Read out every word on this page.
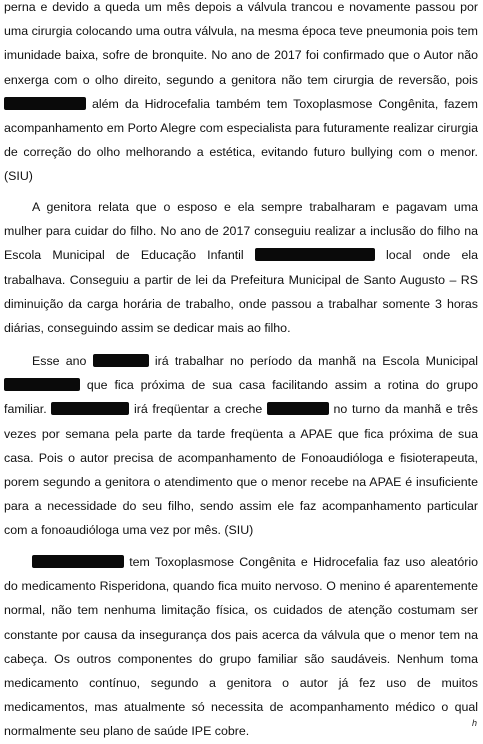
perna e devido a queda um mês depois a válvula trancou e novamente passou por uma cirurgia colocando uma outra válvula, na mesma época teve pneumonia pois tem imunidade baixa, sofre de bronquite. No ano de 2017 foi confirmado que o Autor não enxerga com o olho direito, segundo a genitora não tem cirurgia de reversão, pois  além da Hidrocefalia também tem Toxoplasmose Congênita, fazem acompanhamento em Porto Alegre com especialista para futuramente realizar cirurgia de correção do olho melhorando a estética, evitando futuro bullying com o menor. (SIU)

A genitora relata que o esposo e ela sempre trabalharam e pagavam uma mulher para cuidar do filho. No ano de 2017 conseguiu realizar a inclusão do filho na Escola Municipal de Educação Infantil	local onde ela trabalhava. Conseguiu a partir de lei da Prefeitura Municipal de Santo Augusto – RS diminuição da carga horária de trabalho, onde passou a trabalhar somente 3 horas diárias, conseguindo assim se dedicar mais ao filho.

Esse ano	irá trabalhar no período da manhã na Escola Municipal  que fica próxima de sua casa facilitando assim a rotina do grupo familiar.	irá freqüentar a creche	no turno da manhã e três vezes por semana pela parte da tarde freqüenta a APAE que fica próxima de sua casa. Pois o autor precisa de acompanhamento de Fonoaudióloga e fisioterapeuta, porem segundo a genitora o atendimento que o menor recebe na APAE é insuficiente para a necessidade do seu filho, sendo assim ele faz acompanhamento particular com a fonoaudióloga uma vez por mês. (SIU)

tem Toxoplasmose Congênita e Hidrocefalia faz uso aleatório do medicamento Risperidona, quando fica muito nervoso. O menino é aparentemente normal, não tem nenhuma limitação física, os cuidados de atenção costumam ser constante por causa da insegurança dos pais acerca da válvula que o menor tem na cabeça. Os outros componentes do grupo familiar são saudáveis. Nenhum toma medicamento contínuo, segundo a genitora o autor já fez uso de muitos medicamentos, mas atualmente só necessita de acompanhamento médico o qual normalmente seu plano de saúde IPE cobre.

h
